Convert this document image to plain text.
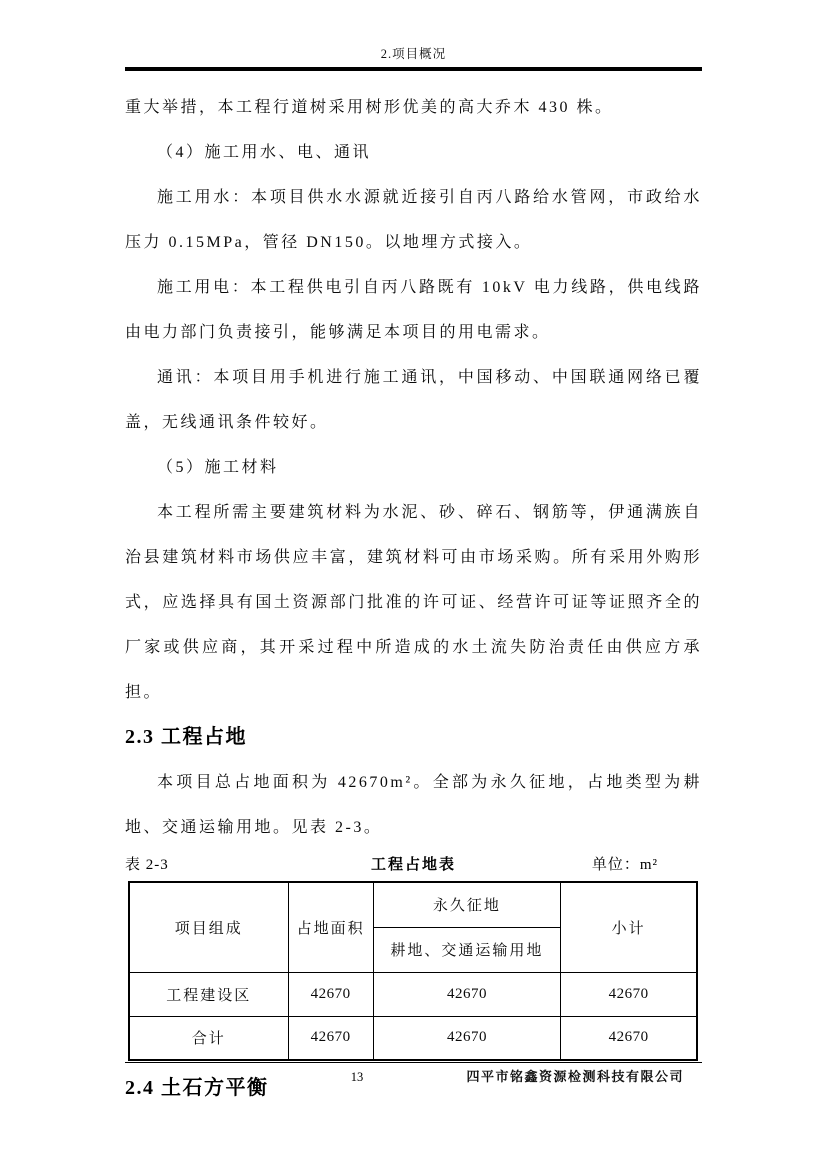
2.项目概况

重大举措，本工程行道树采用树形优美的高大乔木 430 株。

（4）施工用水、电、通讯

施工用水：本项目供水水源就近接引自丙八路给水管网，市政给水压力 0.15MPa，管径 DN150。以地埋方式接入。

施工用电：本工程供电引自丙八路既有 10kV 电力线路，供电线路由电力部门负责接引，能够满足本项目的用电需求。

通讯：本项目用手机进行施工通讯，中国移动、中国联通网络已覆盖，无线通讯条件较好。

（5）施工材料

本工程所需主要建筑材料为水泥、砂、碎石、钢筋等，伊通满族自治县建筑材料市场供应丰富，建筑材料可由市场采购。所有采用外购形式，应选择具有国土资源部门批准的许可证、经营许可证等证照齐全的厂家或供应商，其开采过程中所造成的水土流失防治责任由供应方承担。

2.3 工程占地

本项目总占地面积为 42670m²。全部为永久征地，占地类型为耕地、交通运输用地。见表 2-3。

表 2-3	工程占地表	单位：m²
项目组成	占地面积	永久征地	小计
		耕地、交通运输用地	
工程建设区	42670	42670	42670
合计	42670	42670	42670
2.4 土石方平衡	13	四平市铭鑫资源检测科技有限公司
